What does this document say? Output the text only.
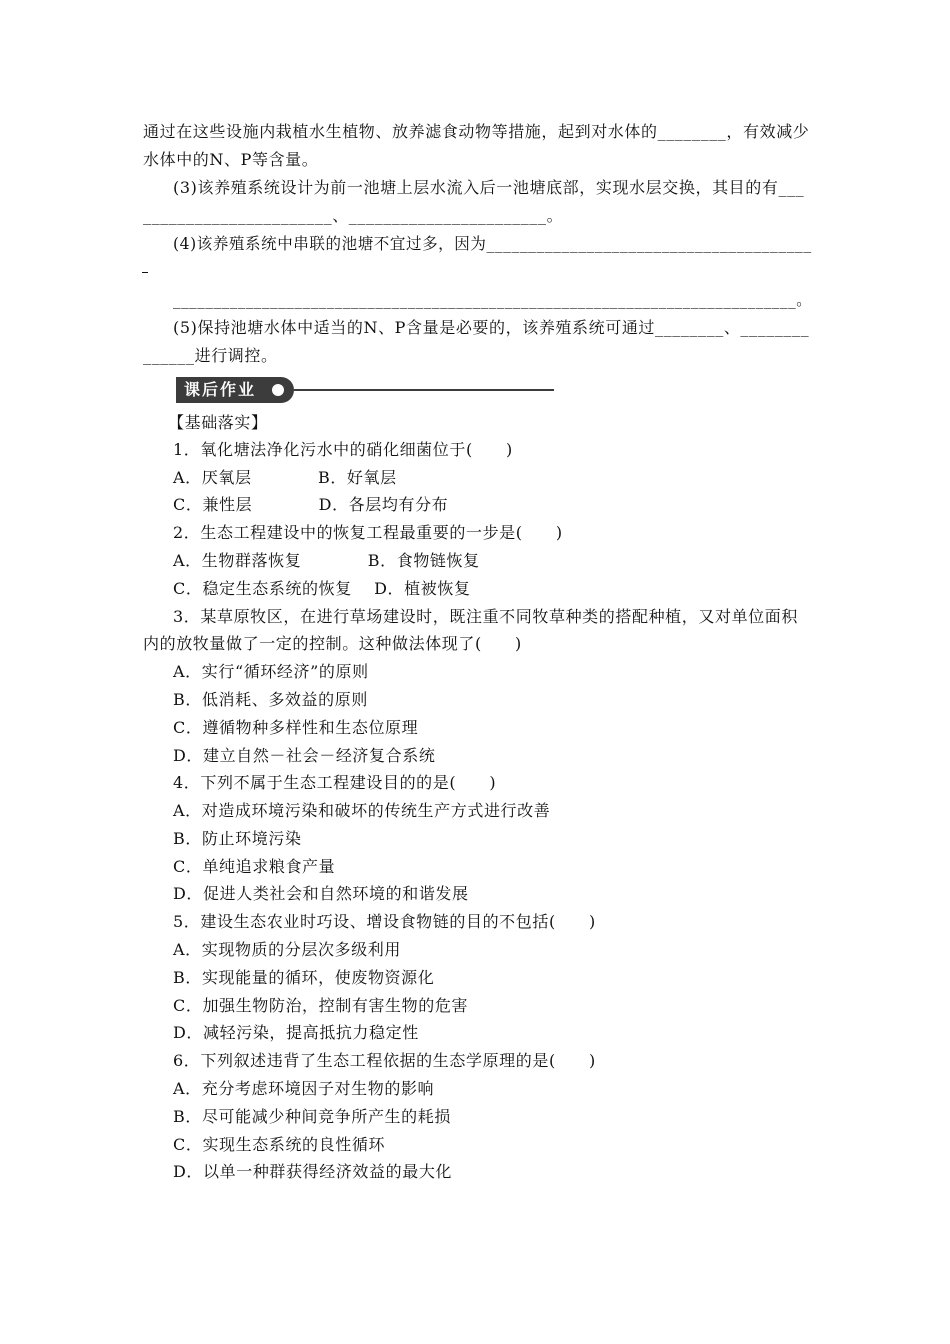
通过在这些设施内栽植水生植物、放养滤食动物等措施，起到对水体的________，有效减少
水体中的N、P等含量。
(3)该养殖系统设计为前一池塘上层水流入后一池塘底部，实现水层交换，其目的有___
______________________、_______________________。
(4)该养殖系统中串联的池塘不宜过多，因为_______________________________________
_____________________________________________________________________________。
(5)保持池塘水体中适当的N、P含量是必要的，该养殖系统可通过________、________
______进行调控。
课后作业
【基础落实】
1．氧化塘法净化污水中的硝化细菌位于(　　)
A．厌氧层　　　　B．好氧层
C．兼性层　　　　D．各层均有分布
2．生态工程建设中的恢复工程最重要的一步是(　　)
A．生物群落恢复　　　　B．食物链恢复
C．稳定生态系统的恢复　 D．植被恢复
3．某草原牧区，在进行草场建设时，既注重不同牧草种类的搭配种植，又对单位面积
内的放牧量做了一定的控制。这种做法体现了(　　)
A．实行“循环经济”的原则
B．低消耗、多效益的原则
C．遵循物种多样性和生态位原理
D．建立自然－社会－经济复合系统
4．下列不属于生态工程建设目的的是(　　)
A．对造成环境污染和破坏的传统生产方式进行改善
B．防止环境污染
C．单纯追求粮食产量
D．促进人类社会和自然环境的和谐发展
5．建设生态农业时巧设、增设食物链的目的不包括(　　)
A．实现物质的分层次多级利用
B．实现能量的循环，使废物资源化
C．加强生物防治，控制有害生物的危害
D．减轻污染，提高抵抗力稳定性
6．下列叙述违背了生态工程依据的生态学原理的是(　　)
A．充分考虑环境因子对生物的影响
B．尽可能减少种间竞争所产生的耗损
C．实现生态系统的良性循环
D．以单一种群获得经济效益的最大化
